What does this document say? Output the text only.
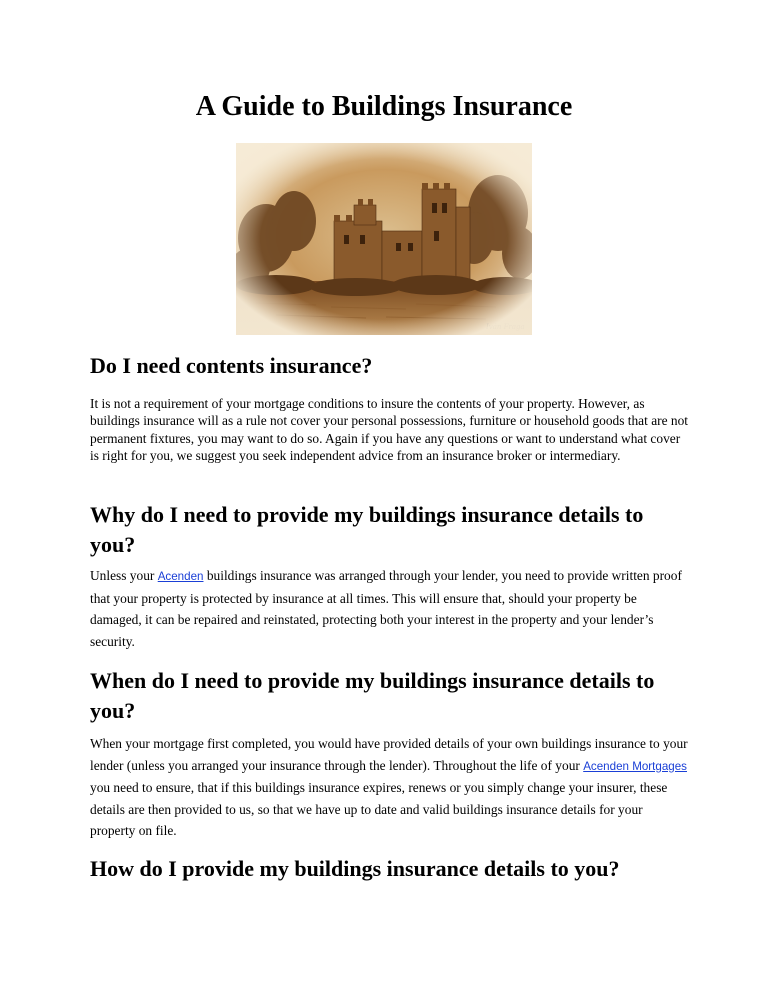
A Guide to Buildings Insurance
Do I need contents insurance?

It is not a requirement of your mortgage conditions to insure the contents of your property. However, as buildings insurance will as a rule not cover your personal possessions, furniture or household goods that are not permanent fixtures, you may want to do so. Again if you have any questions or want to understand what cover is right for you, we suggest you seek independent advice from an insurance broker or intermediary.

Why do I need to provide my buildings insurance details to you?

Unless your Acenden buildings insurance was arranged through your lender, you need to provide written proof that your property is protected by insurance at all times. This will ensure that, should your property be damaged, it can be repaired and reinstated, protecting both your interest in the property and your lender’s security.

When do I need to provide my buildings insurance details to you?

When your mortgage first completed, you would have provided details of your own buildings insurance to your lender (unless you arranged your insurance through the lender). Throughout the life of your Acenden Mortgages you need to ensure, that if this buildings insurance expires, renews or you simply change your insurer, these details are then provided to us, so that we have up to date and valid buildings insurance details for your property on file.

How do I provide my buildings insurance details to you?
